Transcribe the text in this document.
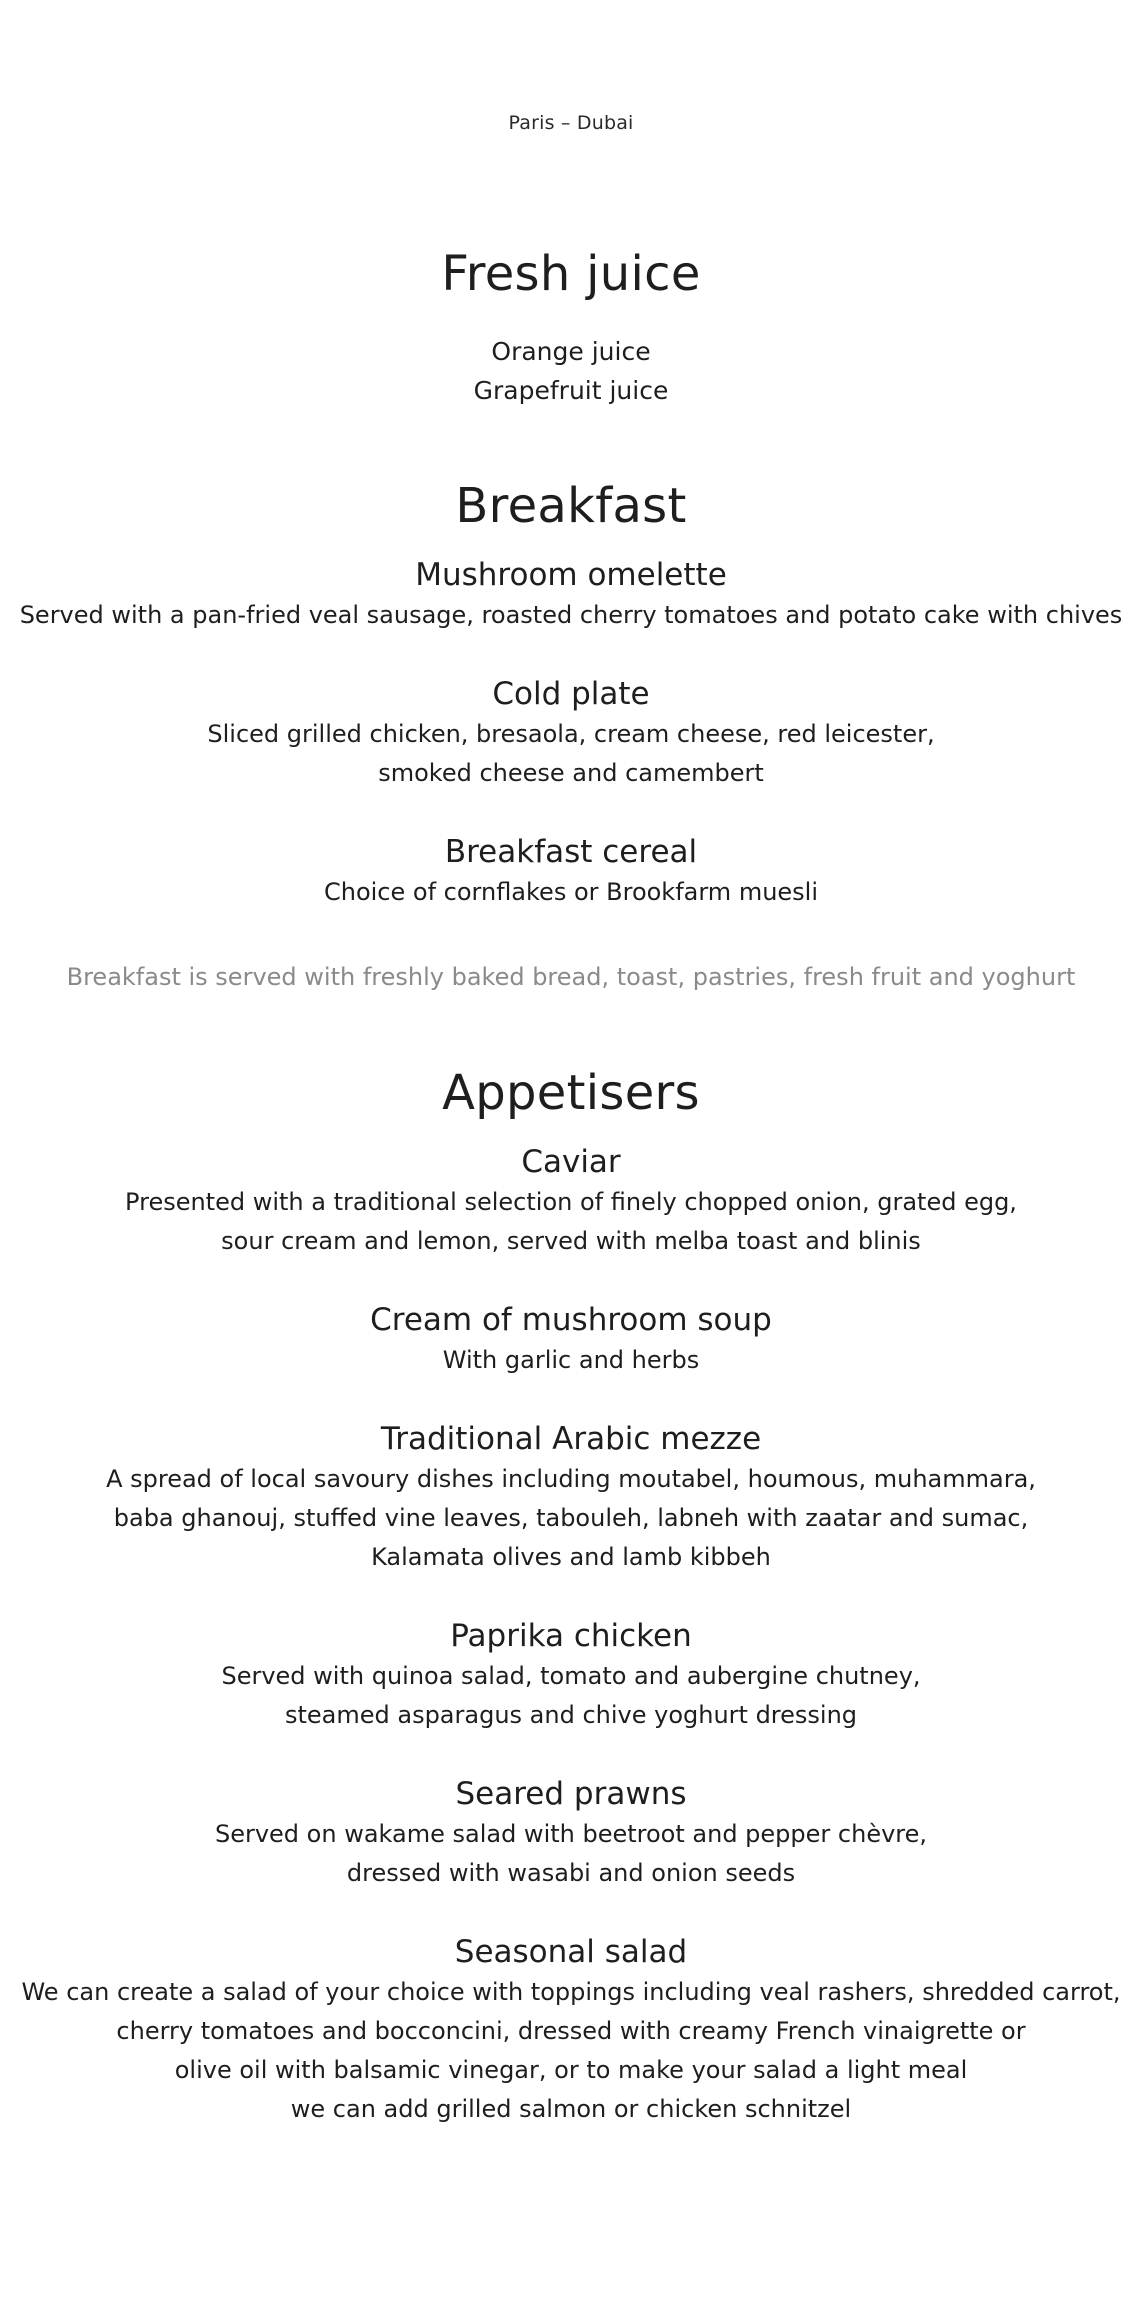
Paris – Dubai
Fresh juice
Orange juice
Grapefruit juice
Breakfast
Mushroom omelette
Served with a pan-fried veal sausage, roasted cherry tomatoes and potato cake with chives
Cold plate
Sliced grilled chicken, bresaola, cream cheese, red leicester,
smoked cheese and camembert
Breakfast cereal
Choice of cornflakes or Brookfarm muesli
Breakfast is served with freshly baked bread, toast, pastries, fresh fruit and yoghurt
Appetisers
Caviar
Presented with a traditional selection of finely chopped onion, grated egg,
sour cream and lemon, served with melba toast and blinis
Cream of mushroom soup
With garlic and herbs
Traditional Arabic mezze
A spread of local savoury dishes including moutabel, houmous, muhammara,
baba ghanouj, stuffed vine leaves, tabouleh, labneh with zaatar and sumac,
Kalamata olives and lamb kibbeh
Paprika chicken
Served with quinoa salad, tomato and aubergine chutney,
steamed asparagus and chive yoghurt dressing
Seared prawns
Served on wakame salad with beetroot and pepper chèvre,
dressed with wasabi and onion seeds
Seasonal salad
We can create a salad of your choice with toppings including veal rashers, shredded carrot,
cherry tomatoes and bocconcini, dressed with creamy French vinaigrette or
olive oil with balsamic vinegar, or to make your salad a light meal
we can add grilled salmon or chicken schnitzel
